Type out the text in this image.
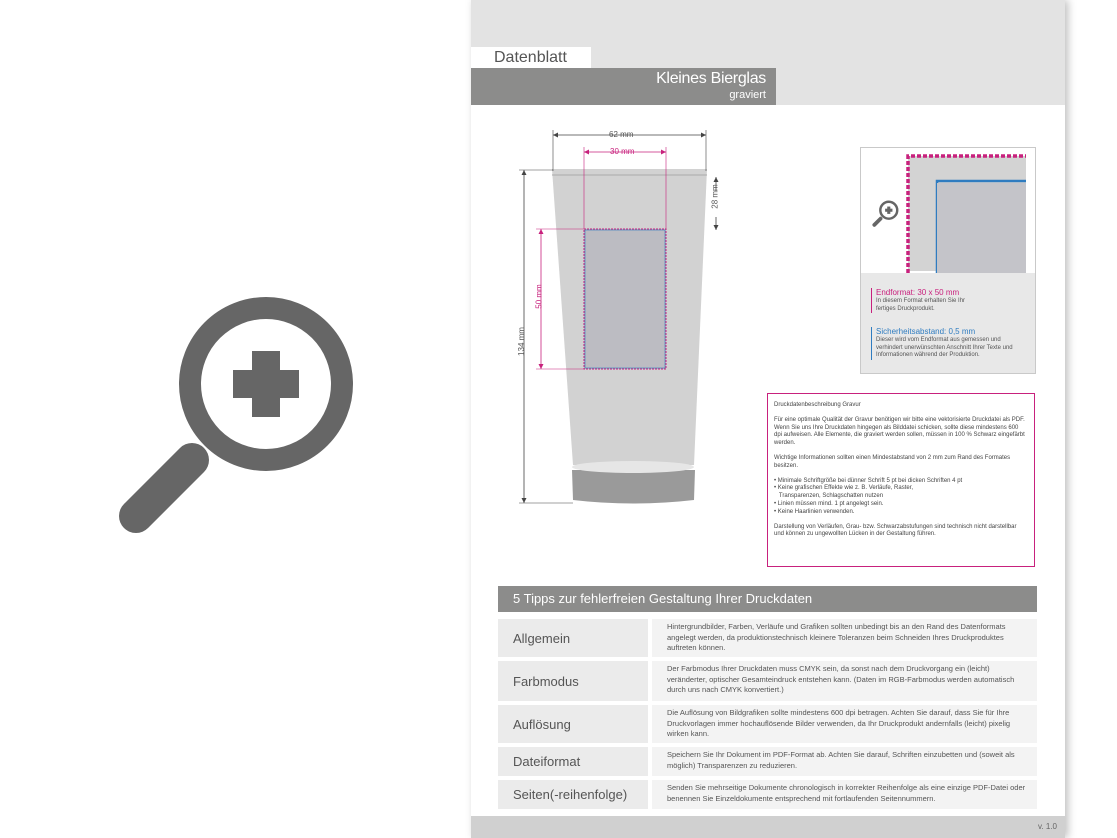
Datenblatt
Kleines Bierglas
graviert
62 mm
30 mm
28 mm
50 mm
134 mm
Endformat: 30 x 50 mm
In diesem Format erhalten Sie Ihr fertiges Druckprodukt.
Sicherheitsabstand: 0,5 mm
Dieser wird vom Endformat aus gemessen und verhindert unerwünschten Anschnitt Ihrer Texte und Informationen während der Produktion.

Druckdatenbeschreibung Gravur

Für eine optimale Qualität der Gravur benötigen wir bitte eine vektorisierte Druckdatei als PDF. Wenn Sie uns Ihre Druckdaten hingegen als Bilddatei schicken, sollte diese mindestens 600 dpi aufweisen. Alle Elemente, die graviert werden sollen, müssen in 100 % Schwarz eingefärbt werden.

Wichtige Informationen sollten einen Mindestabstand von 2 mm zum Rand des Formates besitzen.

• Minimale Schriftgröße bei dünner Schrift 5 pt bei dicken Schriften 4 pt
• Keine grafischen Effekte wie z. B. Verläufe, Raster,
Transparenzen, Schlagschatten nutzen
• Linien müssen mind. 1 pt angelegt sein.
• Keine Haarlinien verwenden.

Darstellung von Verläufen, Grau- bzw. Schwarzabstufungen sind technisch nicht darstellbar und können zu ungewollten Lücken in der Gestaltung führen.

5 Tipps zur fehlerfreien Gestaltung Ihrer Druckdaten
Allgemein
Hintergrundbilder, Farben, Verläufe und Grafiken sollten unbedingt bis an den Rand des Datenformats angelegt werden, da produktionstechnisch kleinere Toleranzen beim Schneiden Ihres Druckproduktes auftreten können.
Farbmodus
Der Farbmodus Ihrer Druckdaten muss CMYK sein, da sonst nach dem Druckvorgang ein (leicht) veränderter, optischer Gesamteindruck entstehen kann. (Daten im RGB-Farbmodus werden automatisch durch uns nach CMYK konvertiert.)
Auflösung
Die Auflösung von Bildgrafiken sollte mindestens 600 dpi betragen. Achten Sie darauf, dass Sie für Ihre Druckvorlagen immer hochauflösende Bilder verwenden, da Ihr Druckprodukt andernfalls (leicht) pixelig wirken kann.
Dateiformat	Speichern Sie Ihr Dokument im PDF-Format ab. Achten Sie darauf, Schriften einzubetten und (soweit als möglich) Transparenzen zu reduzieren.
Seiten(-reihenfolge)	Senden Sie mehrseitige Dokumente chronologisch in korrekter Reihenfolge als eine einzige PDF-Datei oder benennen Sie Einzeldokumente entsprechend mit fortlaufenden Seitennummern.
v. 1.0
